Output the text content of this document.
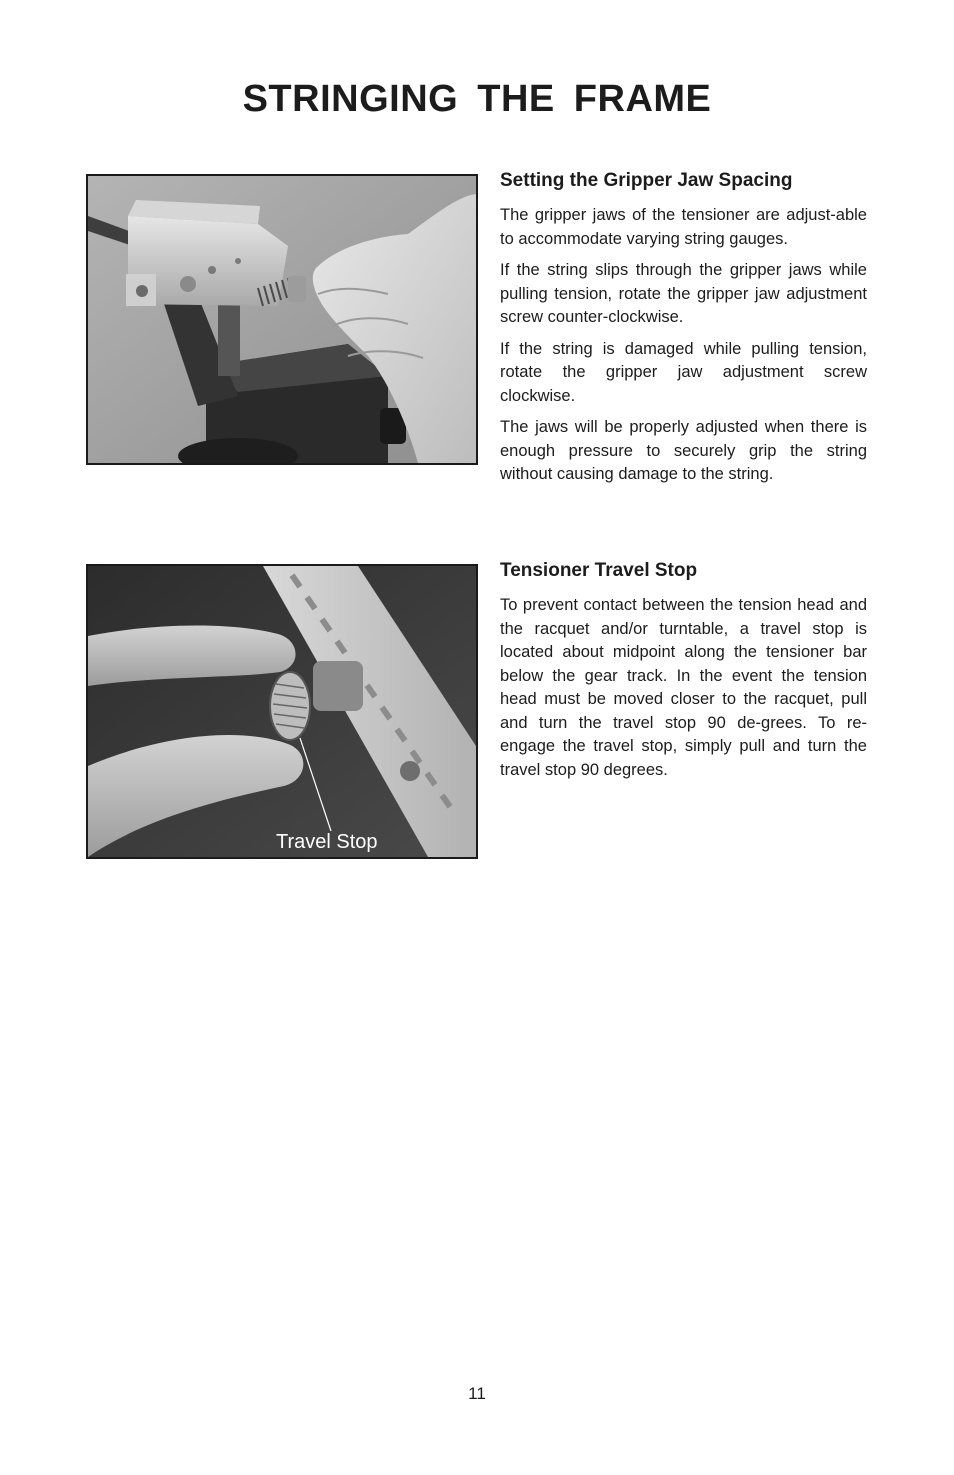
STRINGING THE FRAME
Setting the Gripper Jaw Spacing

The gripper jaws of the tensioner are adjust-able to accommodate varying string gauges.

If the string slips through the gripper jaws while pulling tension, rotate the gripper jaw adjustment screw counter-clockwise.

If the string is damaged while pulling tension, rotate the gripper jaw adjustment screw clockwise.

The jaws will be properly adjusted when there is enough pressure to securely grip the string without causing damage to the string.

Travel Stop
Tensioner Travel Stop

To prevent contact between the tension head and the racquet and/or turntable, a travel stop is located about midpoint along the tensioner bar below the gear track. In the event the tension head must be moved closer to the racquet, pull and turn the travel stop 90 de-grees. To re-engage the travel stop, simply pull and turn the travel stop 90 degrees.

11
